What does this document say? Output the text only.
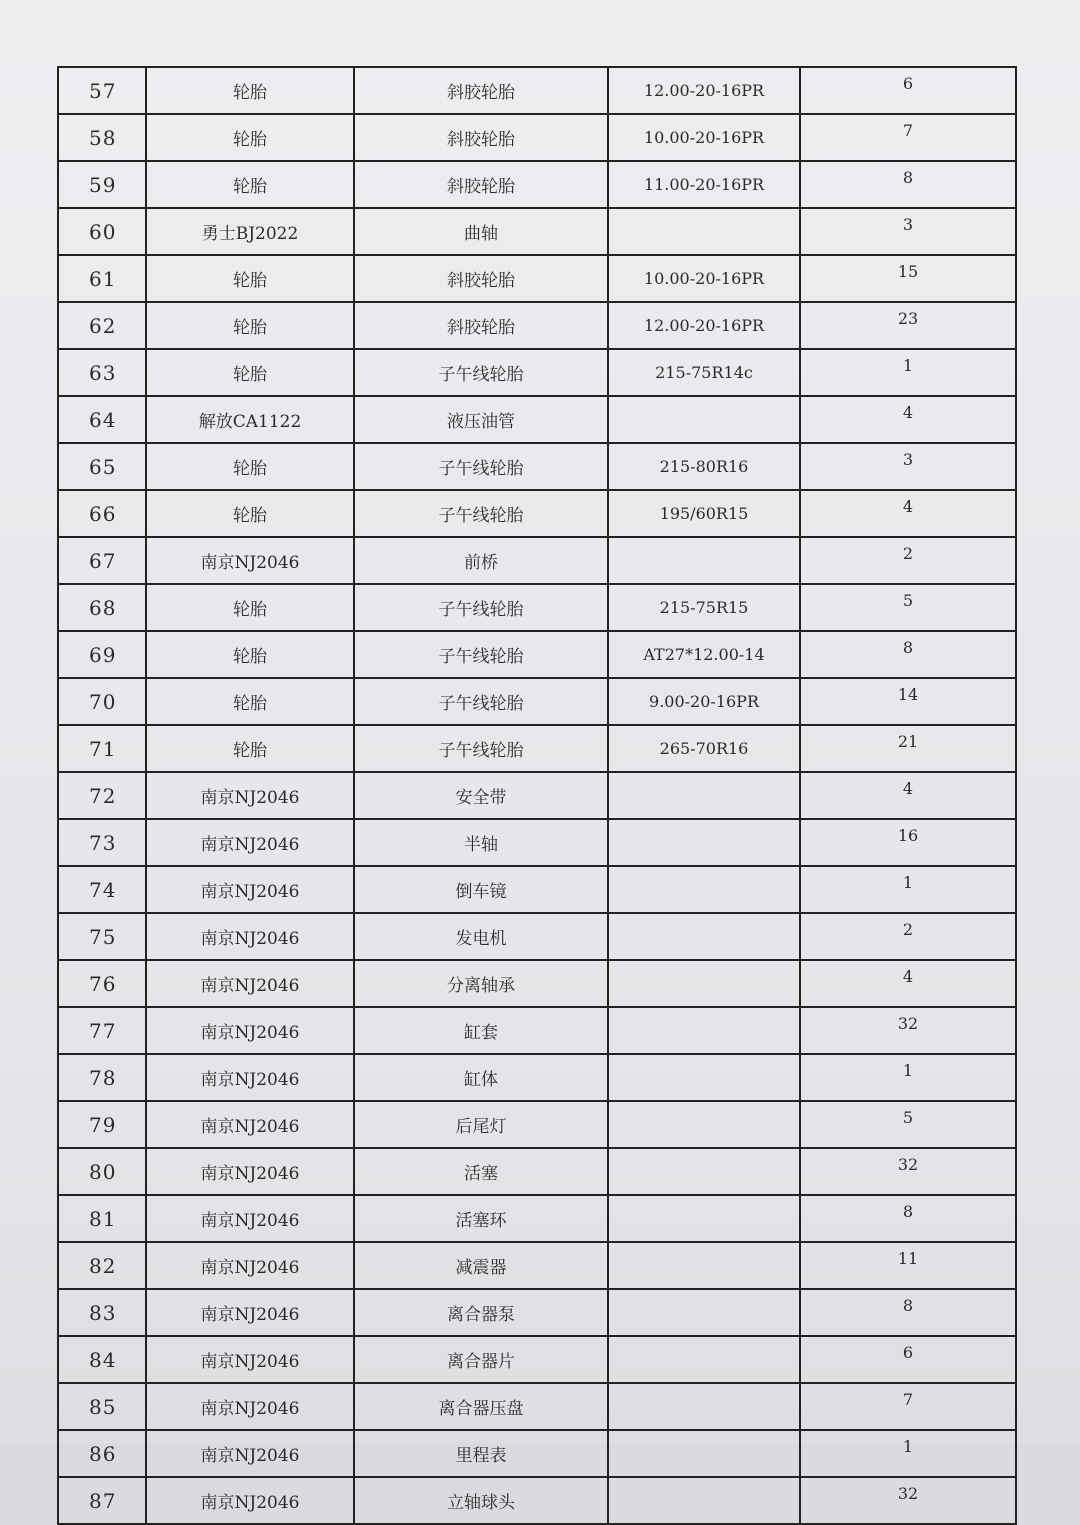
57	轮胎	斜胶轮胎	12.00-20-16PR	6
58	轮胎	斜胶轮胎	10.00-20-16PR	7
59	轮胎	斜胶轮胎	11.00-20-16PR	8
60	勇士BJ2022	曲轴		3
61	轮胎	斜胶轮胎	10.00-20-16PR	15
62	轮胎	斜胶轮胎	12.00-20-16PR	23
63	轮胎	子午线轮胎	215-75R14c	1
64	解放CA1122	液压油管		4
65	轮胎	子午线轮胎	215-80R16	3
66	轮胎	子午线轮胎	195/60R15	4
67	南京NJ2046	前桥		2
68	轮胎	子午线轮胎	215-75R15	5
69	轮胎	子午线轮胎	AT27*12.00-14	8
70	轮胎	子午线轮胎	9.00-20-16PR	14
71	轮胎	子午线轮胎	265-70R16	21
72	南京NJ2046	安全带		4
73	南京NJ2046	半轴		16
74	南京NJ2046	倒车镜		1
75	南京NJ2046	发电机		2
76	南京NJ2046	分离轴承		4
77	南京NJ2046	缸套		32
78	南京NJ2046	缸体		1
79	南京NJ2046	后尾灯		5
80	南京NJ2046	活塞		32
81	南京NJ2046	活塞环		8
82	南京NJ2046	减震器		11
83	南京NJ2046	离合器泵		8
84	南京NJ2046	离合器片		6
85	南京NJ2046	离合器压盘		7
86	南京NJ2046	里程表		1
87	南京NJ2046	立轴球头		32
